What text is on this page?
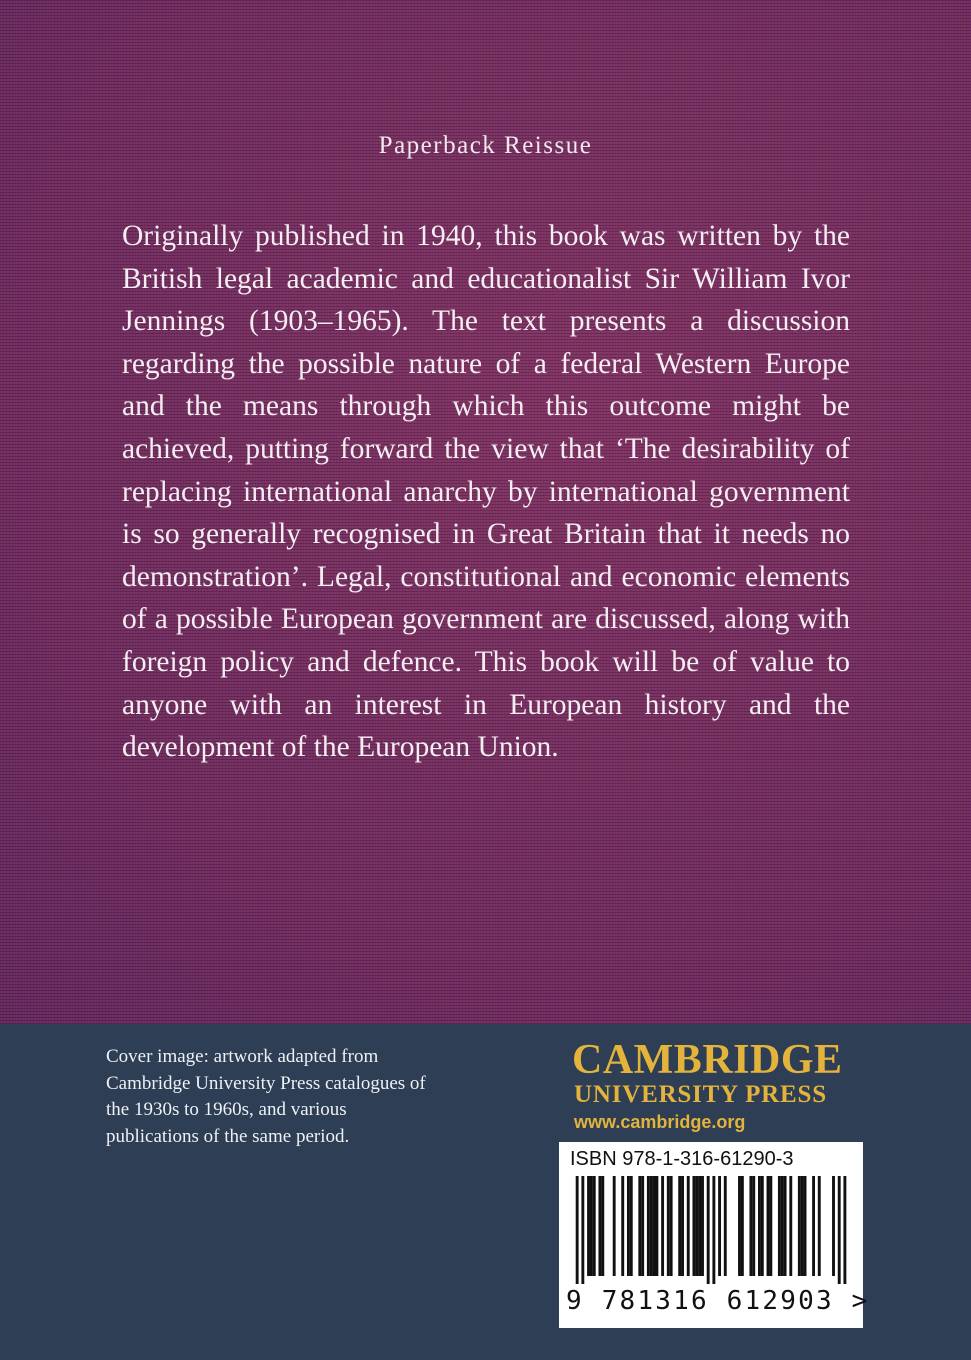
Paperback Reissue

Originally published in 1940, this book was written by the British legal academic and educationalist Sir William Ivor Jennings (1903–1965). The text presents a discussion regarding the possible nature of a federal Western Europe and the means through which this outcome might be achieved, putting forward the view that ‘The desirability of replacing international anarchy by international government is so generally recognised in Great Britain that it needs no demonstration’. Legal, constitutional and economic elements of a possible European government are discussed, along with foreign policy and defence. This book will be of value to anyone with an interest in European history and the development of the European Union.

Cover image: artwork adapted from Cambridge University Press catalogues of the 1930s to 1960s, and various publications of the same period.

CAMBRIDGE
UNIVERSITY PRESS
www.cambridge.org
ISBN 978-1-316-61290-3
9 781316 612903 >
